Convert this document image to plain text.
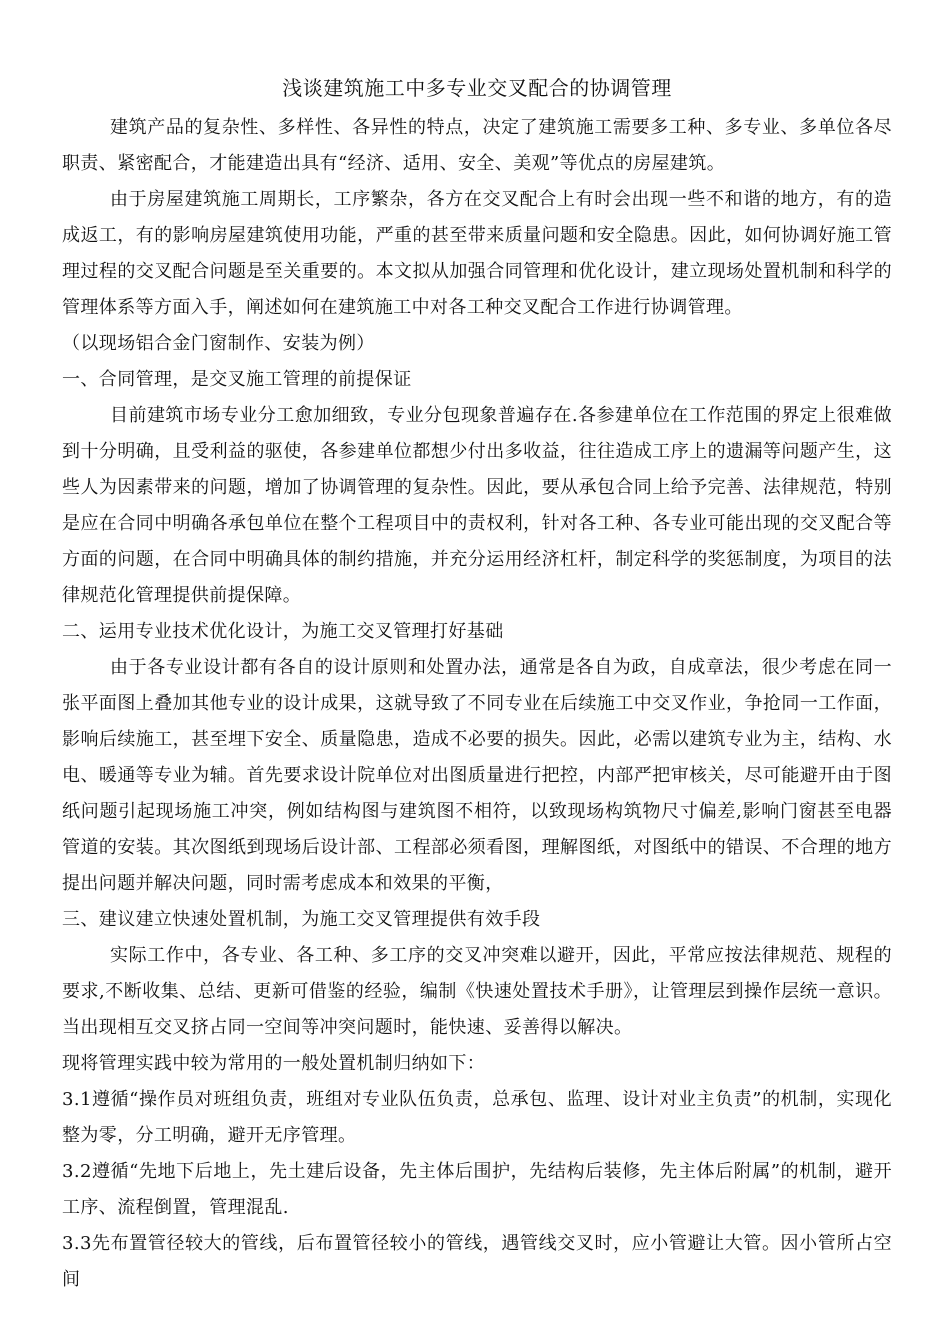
浅谈建筑施工中多专业交叉配合的协调管理

建筑产品的复杂性、多样性、各异性的特点，决定了建筑施工需要多工种、多专业、多单位各尽职责、紧密配合，才能建造出具有“经济、适用、安全、美观”等优点的房屋建筑。

由于房屋建筑施工周期长，工序繁杂，各方在交叉配合上有时会出现一些不和谐的地方，有的造成返工，有的影响房屋建筑使用功能，严重的甚至带来质量问题和安全隐患。因此，如何协调好施工管理过程的交叉配合问题是至关重要的。本文拟从加强合同管理和优化设计，建立现场处置机制和科学的管理体系等方面入手，阐述如何在建筑施工中对各工种交叉配合工作进行协调管理。

（以现场铝合金门窗制作、安装为例）

一、合同管理，是交叉施工管理的前提保证

目前建筑市场专业分工愈加细致，专业分包现象普遍存在.各参建单位在工作范围的界定上很难做到十分明确，且受利益的驱使，各参建单位都想少付出多收益，往往造成工序上的遗漏等问题产生，这些人为因素带来的问题，增加了协调管理的复杂性。因此，要从承包合同上给予完善、法律规范，特别是应在合同中明确各承包单位在整个工程项目中的责权利，针对各工种、各专业可能出现的交叉配合等方面的问题，在合同中明确具体的制约措施，并充分运用经济杠杆，制定科学的奖惩制度，为项目的法律规范化管理提供前提保障。

二、运用专业技术优化设计，为施工交叉管理打好基础

由于各专业设计都有各自的设计原则和处置办法，通常是各自为政，自成章法，很少考虑在同一张平面图上叠加其他专业的设计成果，这就导致了不同专业在后续施工中交叉作业，争抢同一工作面，影响后续施工，甚至埋下安全、质量隐患，造成不必要的损失。因此，必需以建筑专业为主，结构、水电、暖通等专业为辅。首先要求设计院单位对出图质量进行把控，内部严把审核关，尽可能避开由于图纸问题引起现场施工冲突，例如结构图与建筑图不相符，以致现场构筑物尺寸偏差,影响门窗甚至电器管道的安装。其次图纸到现场后设计部、工程部必须看图，理解图纸，对图纸中的错误、不合理的地方提出问题并解决问题，同时需考虑成本和效果的平衡，

三、建议建立快速处置机制，为施工交叉管理提供有效手段

实际工作中，各专业、各工种、多工序的交叉冲突难以避开，因此，平常应按法律规范、规程的要求,不断收集、总结、更新可借鉴的经验，编制《快速处置技术手册》，让管理层到操作层统一意识。当出现相互交叉挤占同一空间等冲突问题时，能快速、妥善得以解决。

现将管理实践中较为常用的一般处置机制归纳如下：

3.1遵循“操作员对班组负责，班组对专业队伍负责，总承包、监理、设计对业主负责”的机制，实现化整为零，分工明确，避开无序管理。

3.2遵循“先地下后地上，先土建后设备，先主体后围护，先结构后装修，先主体后附属”的机制，避开工序、流程倒置，管理混乱.

3.3先布置管径较大的管线，后布置管径较小的管线，遇管线交叉时，应小管避让大管。因小管所占空间
